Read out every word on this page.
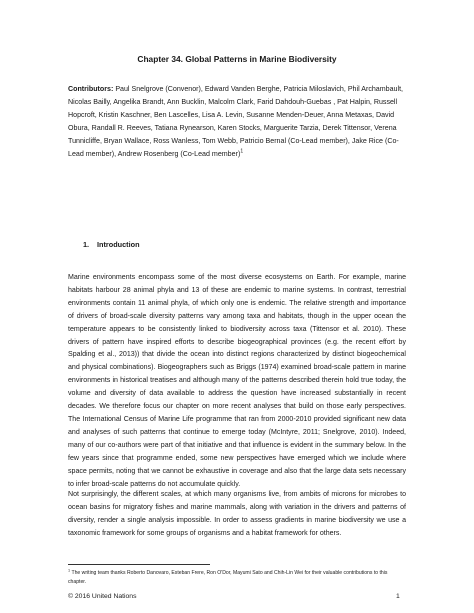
Chapter 34. Global Patterns in Marine Biodiversity
Contributors: Paul Snelgrove (Convenor), Edward Vanden Berghe, Patricia Miloslavich, Phil Archambault, Nicolas Bailly, Angelika Brandt, Ann Bucklin, Malcolm Clark, Farid Dahdouh-Guebas , Pat Halpin, Russell Hopcroft, Kristin Kaschner, Ben Lascelles, Lisa A. Levin, Susanne Menden-Deuer, Anna Metaxas, David Obura, Randall R. Reeves, Tatiana Rynearson, Karen Stocks, Marguerite Tarzia, Derek Tittensor, Verena Tunnicliffe, Bryan Wallace, Ross Wanless, Tom Webb, Patricio Bernal (Co-Lead member), Jake Rice (Co-Lead member), Andrew Rosenberg (Co-Lead member)$^1$
1. Introduction

Marine environments encompass some of the most diverse ecosystems on Earth. For example, marine habitats harbour 28 animal phyla and 13 of these are endemic to marine systems. In contrast, terrestrial environments contain 11 animal phyla, of which only one is endemic. The relative strength and importance of drivers of broad-scale diversity patterns vary among taxa and habitats, though in the upper ocean the temperature appears to be consistently linked to biodiversity across taxa (Tittensor et al. 2010). These drivers of pattern have inspired efforts to describe biogeographical provinces (e.g. the recent effort by Spalding et al., 2013)) that divide the ocean into distinct regions characterized by distinct biogeochemical and physical combinations). Biogeographers such as Briggs (1974) examined broad-scale pattern in marine environments in historical treatises and although many of the patterns described therein hold true today, the volume and diversity of data available to address the question have increased substantially in recent decades. We therefore focus our chapter on more recent analyses that build on those early perspectives. The International Census of Marine Life programme that ran from 2000-2010 provided significant new data and analyses of such patterns that continue to emerge today (McIntyre, 2011; Snelgrove, 2010). Indeed, many of our co-authors were part of that initiative and that influence is evident in the summary below. In the few years since that programme ended, some new perspectives have emerged which we include where space permits, noting that we cannot be exhaustive in coverage and also that the large data sets necessary to infer broad-scale patterns do not accumulate quickly.

Not surprisingly, the different scales, at which many organisms live, from ambits of microns for microbes to ocean basins for migratory fishes and marine mammals, along with variation in the drivers and patterns of diversity, render a single analysis impossible. In order to assess gradients in marine biodiversity we use a taxonomic framework for some groups of organisms and a habitat framework for others.

$^1$ The writing team thanks Roberto Danovaro, Esteban Frere, Ron O'Dor, Mayumi Sato and Chih-Lin Wei for their valuable contributions to this chapter.
© 2016 United Nations	1
